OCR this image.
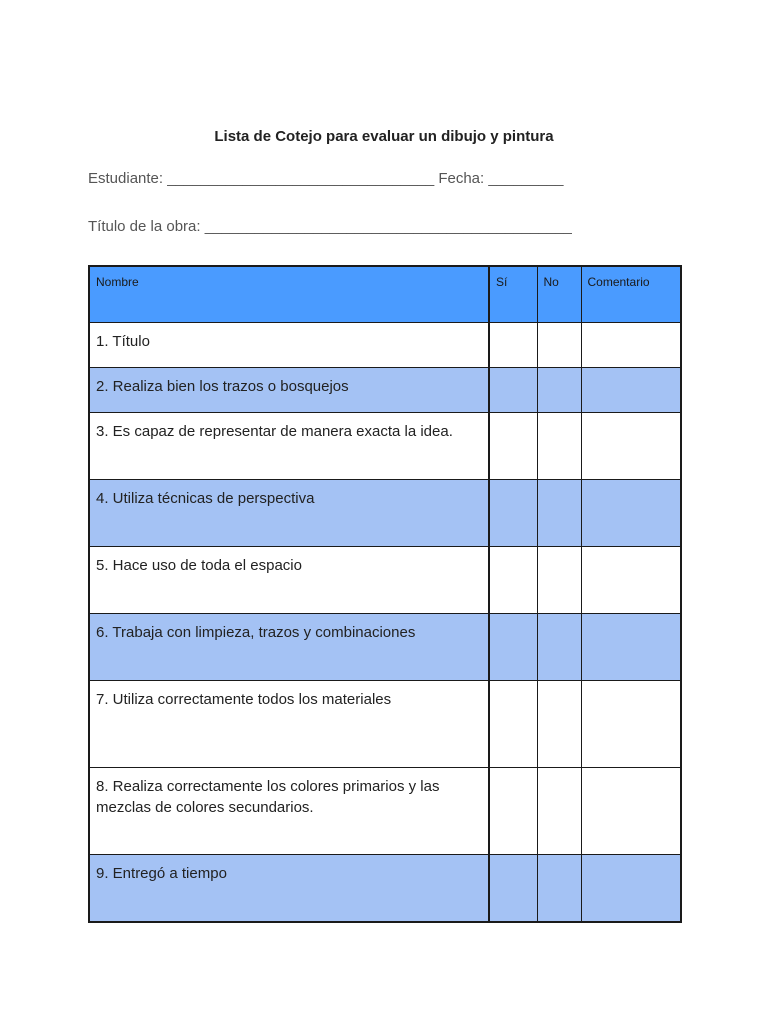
Lista de Cotejo para evaluar un dibujo y pintura
Estudiante: ________________________________ Fecha: _________
Título de la obra: ____________________________________________
Nombre	Sí	No	Comentario
1. Título			
2. Realiza bien los trazos o bosquejos			
3. Es capaz de representar de manera exacta la idea.			
4. Utiliza técnicas de perspectiva			
5. Hace uso de toda el espacio			
6. Trabaja con limpieza, trazos y combinaciones			
7. Utiliza correctamente todos los materiales			
8. Realiza correctamente los colores primarios y las mezclas de colores secundarios.			
9. Entregó a tiempo			
